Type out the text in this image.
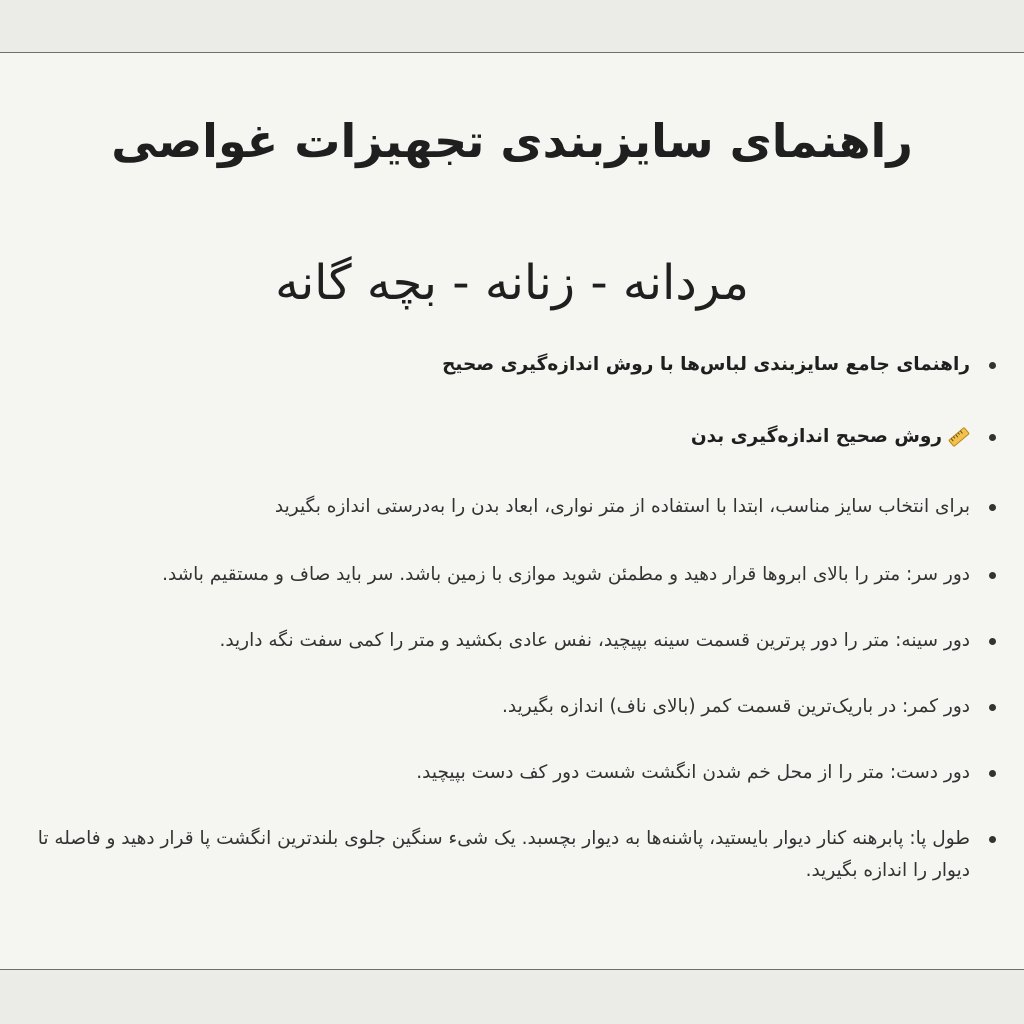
راهنمای سایزبندی تجهیزات غواصی
مردانه - زنانه - بچه گانه
راهنمای جامع سایزبندی لباس‌ها با روش اندازه‌گیری صحیح
روش صحیح اندازه‌گیری بدن
برای انتخاب سایز مناسب، ابتدا با استفاده از متر نواری، ابعاد بدن را به‌درستی اندازه بگیرید
دور سر: متر را بالای ابروها قرار دهید و مطمئن شوید موازی با زمین باشد. سر باید صاف و مستقیم باشد.
دور سینه: متر را دور پرترین قسمت سینه بپیچید، نفس عادی بکشید و متر را کمی سفت نگه دارید.
دور کمر: در باریک‌ترین قسمت کمر (بالای ناف) اندازه بگیرید.
دور دست: متر را از محل خم شدن انگشت شست دور کف دست بپیچید.
طول پا: پابرهنه کنار دیوار بایستید، پاشنه‌ها به دیوار بچسبد. یک شیء سنگین جلوی بلندترین انگشت پا قرار دهید و فاصله تا دیوار را اندازه بگیرید.
